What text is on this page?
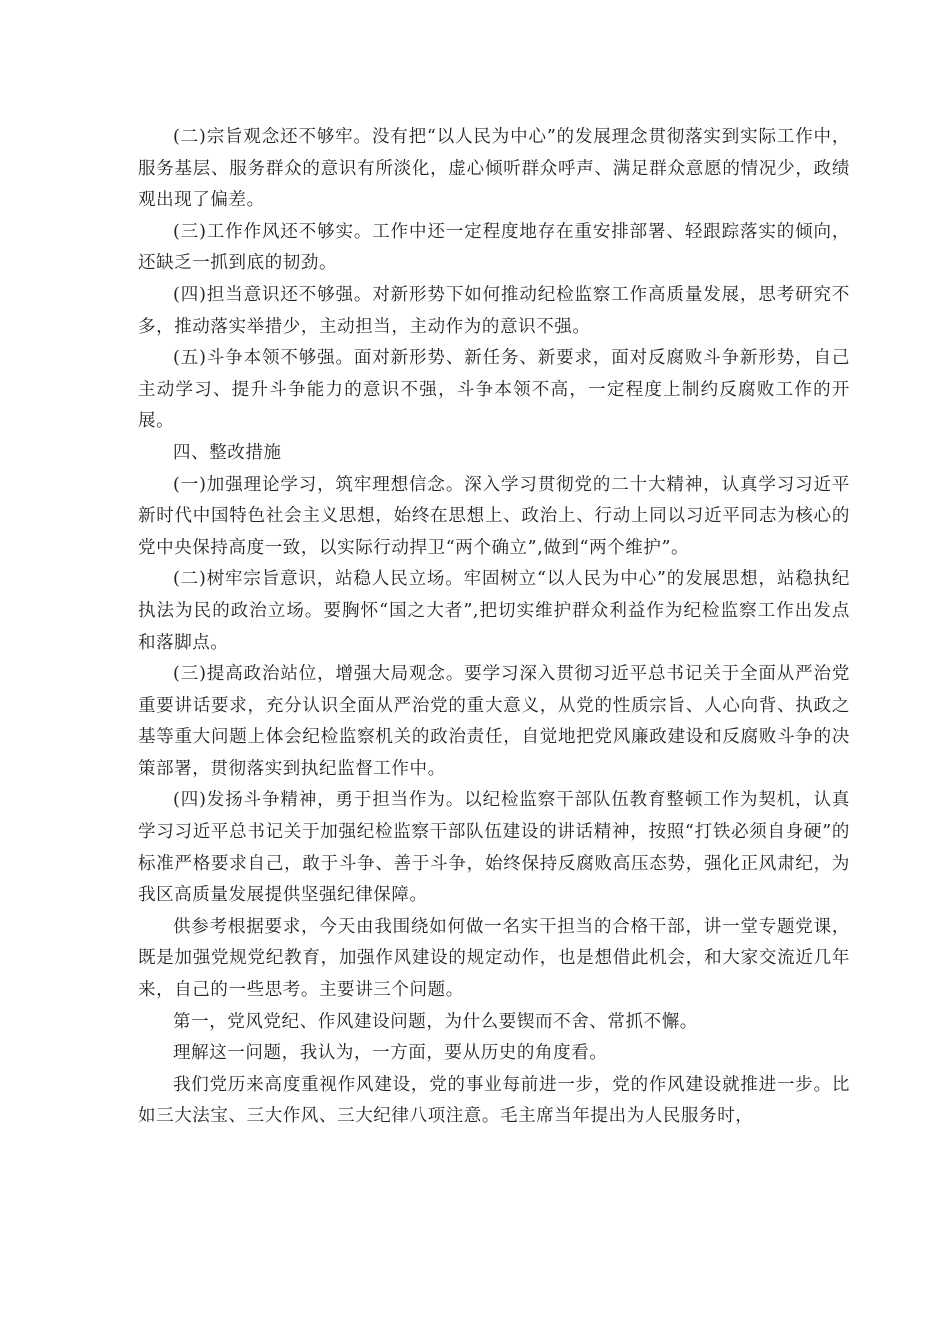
(二)宗旨观念还不够牢。没有把“以人民为中心”的发展理念贯彻落实到实际工作中，服务基层、服务群众的意识有所淡化，虚心倾听群众呼声、满足群众意愿的情况少，政绩观出现了偏差。

(三)工作作风还不够实。工作中还一定程度地存在重安排部署、轻跟踪落实的倾向，还缺乏一抓到底的韧劲。

(四)担当意识还不够强。对新形势下如何推动纪检监察工作高质量发展，思考研究不多，推动落实举措少，主动担当，主动作为的意识不强。

(五)斗争本领不够强。面对新形势、新任务、新要求，面对反腐败斗争新形势，自己主动学习、提升斗争能力的意识不强，斗争本领不高，一定程度上制约反腐败工作的开展。

四、整改措施

(一)加强理论学习，筑牢理想信念。深入学习贯彻党的二十大精神，认真学习习近平新时代中国特色社会主义思想，始终在思想上、政治上、行动上同以习近平同志为核心的党中央保持高度一致，以实际行动捍卫“两个确立”,做到“两个维护”。

(二)树牢宗旨意识，站稳人民立场。牢固树立“以人民为中心”的发展思想，站稳执纪执法为民的政治立场。要胸怀“国之大者”,把切实维护群众利益作为纪检监察工作出发点和落脚点。

(三)提高政治站位，增强大局观念。要学习深入贯彻习近平总书记关于全面从严治党重要讲话要求，充分认识全面从严治党的重大意义，从党的性质宗旨、人心向背、执政之基等重大问题上体会纪检监察机关的政治责任，自觉地把党风廉政建设和反腐败斗争的决策部署，贯彻落实到执纪监督工作中。

(四)发扬斗争精神，勇于担当作为。以纪检监察干部队伍教育整顿工作为契机，认真学习习近平总书记关于加强纪检监察干部队伍建设的讲话精神，按照“打铁必须自身硬”的标准严格要求自己，敢于斗争、善于斗争，始终保持反腐败高压态势，强化正风肃纪，为我区高质量发展提供坚强纪律保障。

供参考根据要求，今天由我围绕如何做一名实干担当的合格干部，讲一堂专题党课，既是加强党规党纪教育，加强作风建设的规定动作，也是想借此机会，和大家交流近几年来，自己的一些思考。主要讲三个问题。

第一，党风党纪、作风建设问题，为什么要锲而不舍、常抓不懈。

理解这一问题，我认为，一方面，要从历史的角度看。

我们党历来高度重视作风建设，党的事业每前进一步，党的作风建设就推进一步。比如三大法宝、三大作风、三大纪律八项注意。毛主席当年提出为人民服务时，
